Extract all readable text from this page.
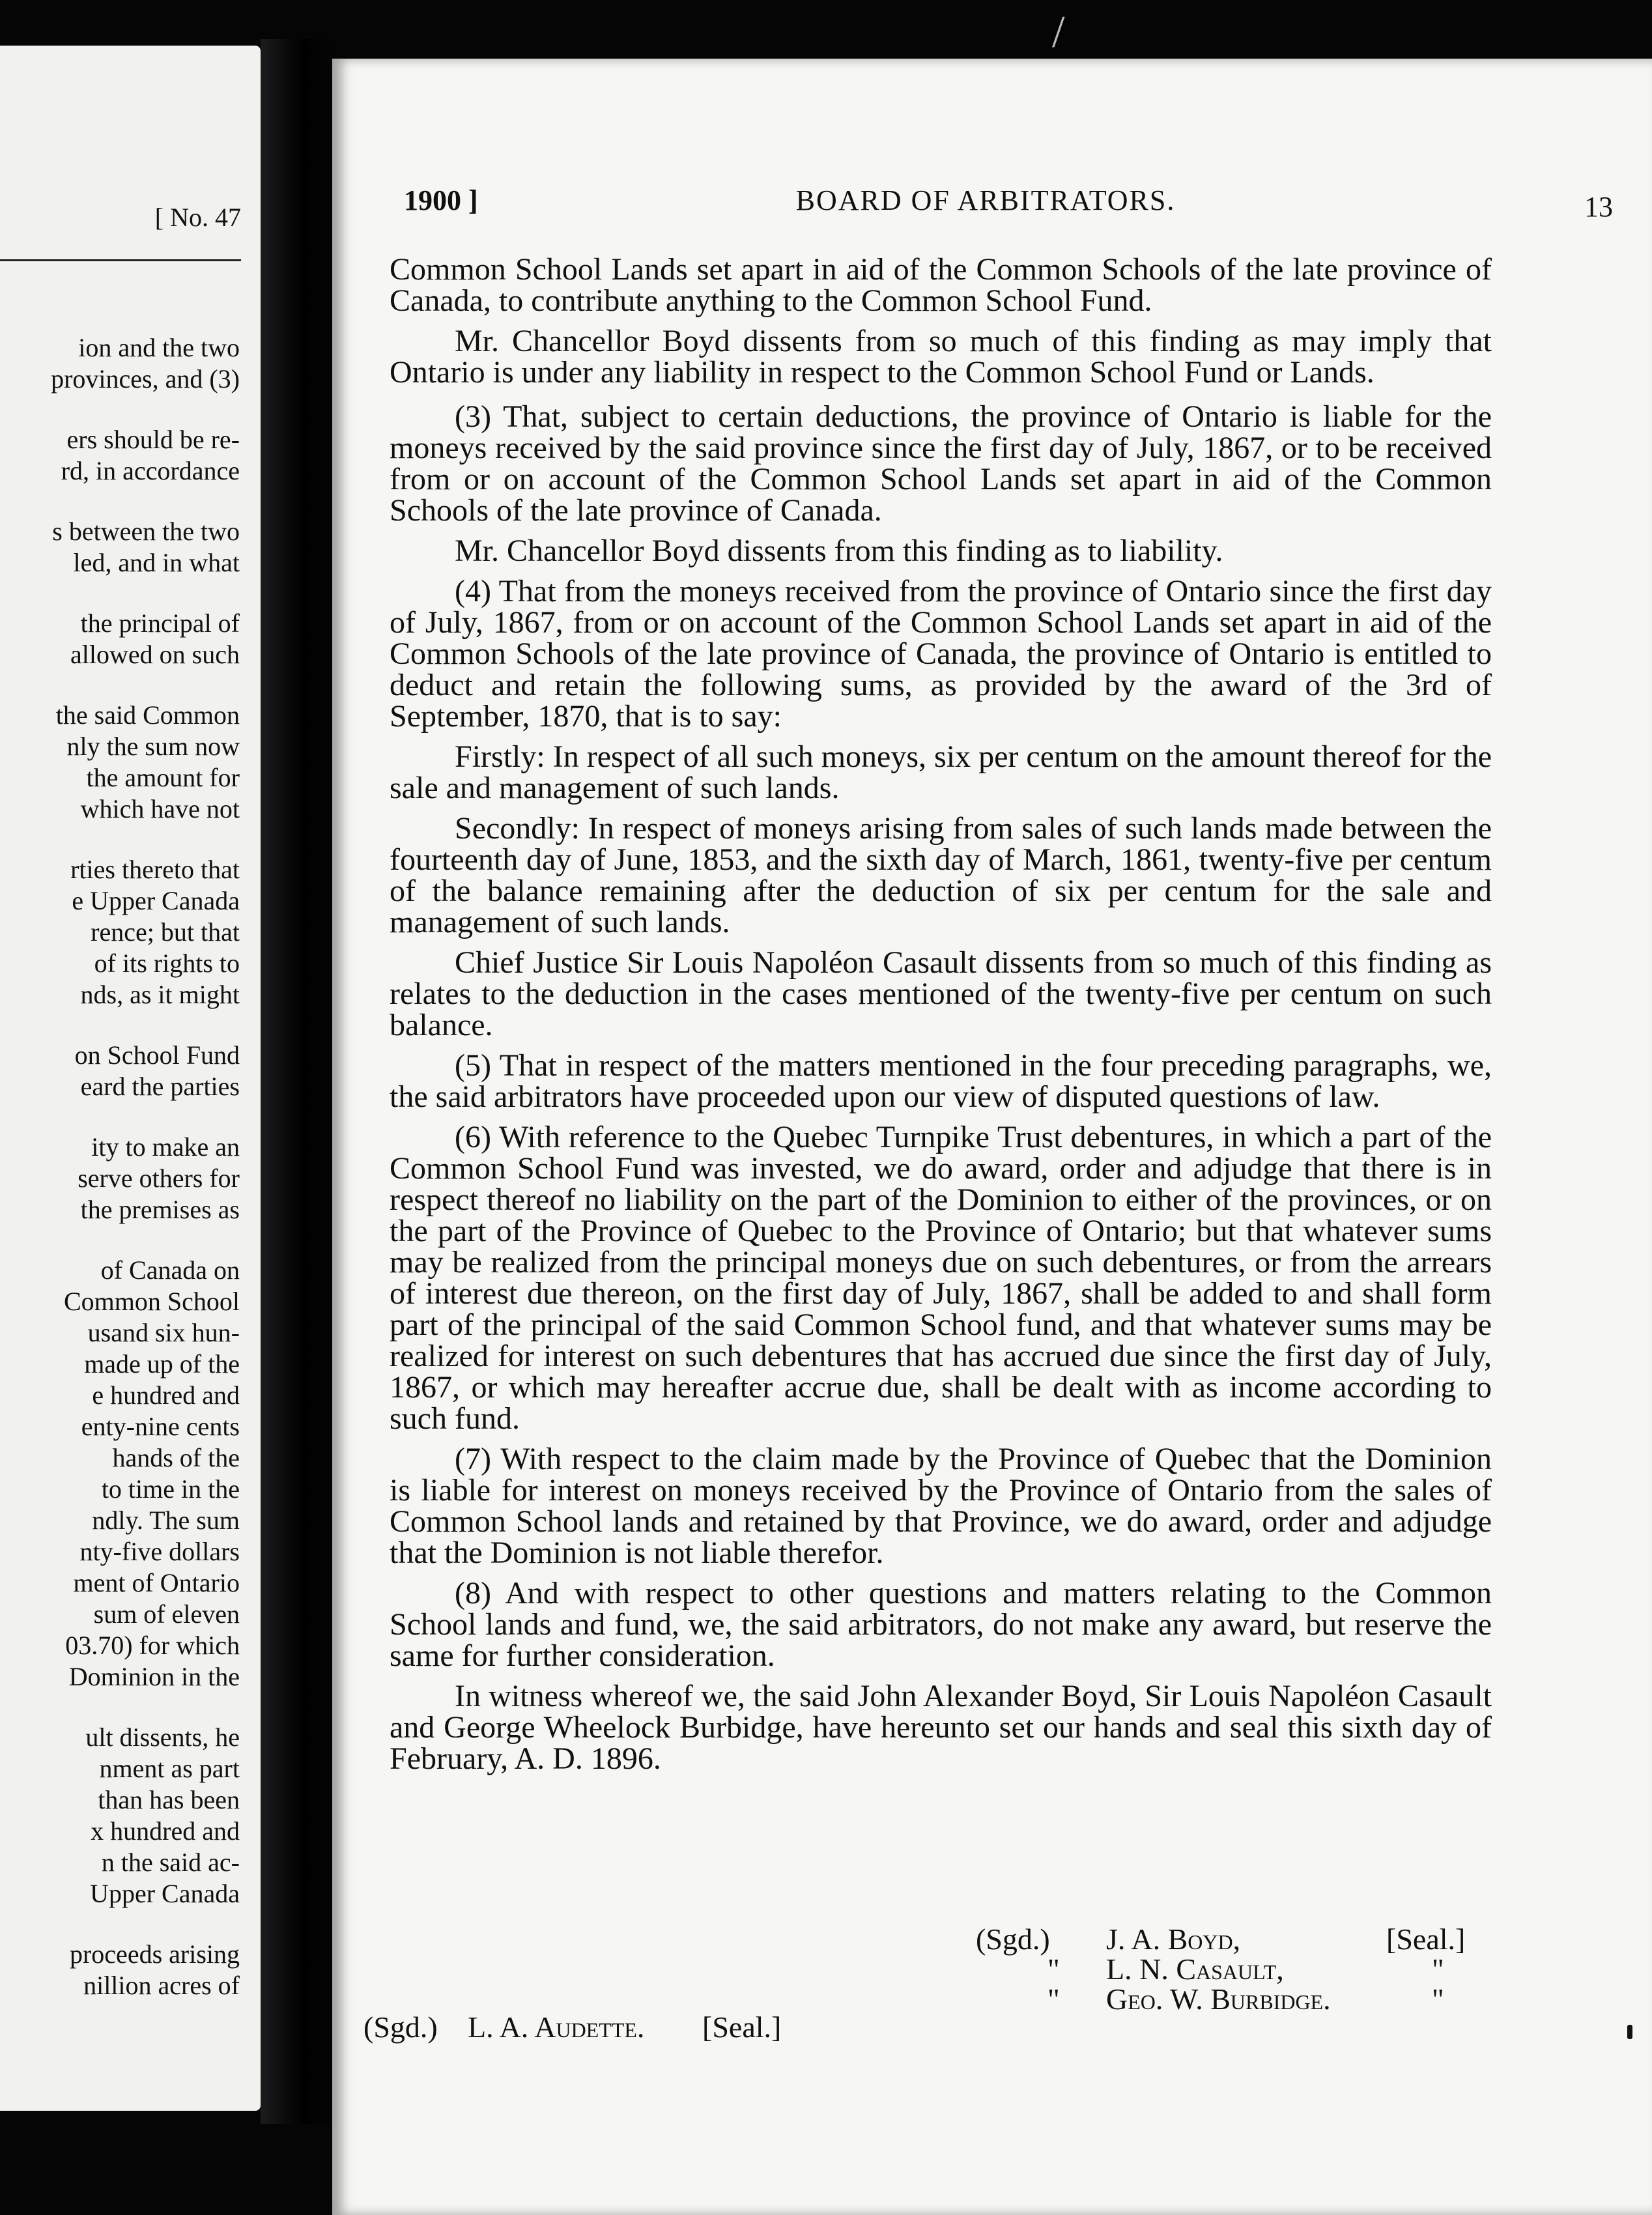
[ No. 47

ion and the two
provinces, and (3)
ers should be re-
rd, in accordance
s between the two
led, and in what
the principal of
allowed on such
the said Common
nly the sum now
the amount for
which have not
rties thereto that
e Upper Canada
rence; but that
of its rights to
nds, as it might
on School Fund
eard the parties
ity to make an
serve others for
the premises as
of Canada on
Common School
usand six hun-
made up of the
e hundred and
enty-nine cents
hands of the
to time in the
ndly. The sum
nty-five dollars
ment of Ontario
sum of eleven
03.70) for which
Dominion in the
ult dissents, he
nment as part
than has been
x hundred and
n the said ac-
Upper Canada
proceeds arising
nillion acres of
/
1900 ]	BOARD OF ARBITRATORS.	13

Common School Lands set apart in aid of the Common Schools of the late province of Canada, to contribute anything to the Common School Fund.

Mr. Chancellor Boyd dissents from so much of this finding as may imply that Ontario is under any liability in respect to the Common School Fund or Lands.

(3) That, subject to certain deductions, the province of Ontario is liable for the moneys received by the said province since the first day of July, 1867, or to be received from or on account of the Common School Lands set apart in aid of the Common Schools of the late province of Canada.

Mr. Chancellor Boyd dissents from this finding as to liability.

(4) That from the moneys received from the province of Ontario since the first day of July, 1867, from or on account of the Common School Lands set apart in aid of the Common Schools of the late province of Canada, the province of Ontario is entitled to deduct and retain the following sums, as provided by the award of the 3rd of September, 1870, that is to say:

Firstly: In respect of all such moneys, six per centum on the amount thereof for the sale and management of such lands.

Secondly: In respect of moneys arising from sales of such lands made between the fourteenth day of June, 1853, and the sixth day of March, 1861, twenty-five per centum of the balance remaining after the deduction of six per centum for the sale and management of such lands.

Chief Justice Sir Louis Napoléon Casault dissents from so much of this finding as relates to the deduction in the cases mentioned of the twenty-five per centum on such balance.

(5) That in respect of the matters mentioned in the four preceding paragraphs, we, the said arbitrators have proceeded upon our view of disputed questions of law.

(6) With reference to the Quebec Turnpike Trust debentures, in which a part of the Common School Fund was invested, we do award, order and adjudge that there is in respect thereof no liability on the part of the Dominion to either of the provinces, or on the part of the Province of Quebec to the Province of Ontario; but that whatever sums may be realized from the principal moneys due on such debentures, or from the arrears of interest due thereon, on the first day of July, 1867, shall be added to and shall form part of the principal of the said Common School fund, and that whatever sums may be realized for interest on such debentures that has accrued due since the first day of July, 1867, or which may hereafter accrue due, shall be dealt with as income according to such fund.

(7) With respect to the claim made by the Province of Quebec that the Dominion is liable for interest on moneys received by the Province of Ontario from the sales of Common School lands and retained by that Province, we do award, order and adjudge that the Dominion is not liable therefor.

(8) And with respect to other questions and matters relating to the Common School lands and fund, we, the said arbitrators, do not make any award, but reserve the same for further consideration.

In witness whereof we, the said John Alexander Boyd, Sir Louis Napoléon Casault and George Wheelock Burbidge, have hereunto set our hands and seal this sixth day of February, A. D. 1896.

(Sgd.) J. A. Boyd,	[Seal.]
" L. N. Casault,	"
" Geo. W. Burbidge.	"
(Sgd.) L. A. Audette. [Seal.]
